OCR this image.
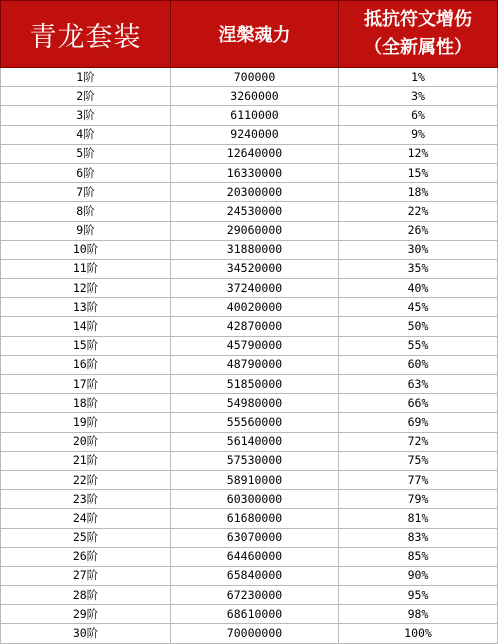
青龙套装	涅槃魂力	抵抗符文增伤
（全新属性）

1阶	700000	1%
2阶	3260000	3%
3阶	6110000	6%
4阶	9240000	9%
5阶	12640000	12%
6阶	16330000	15%
7阶	20300000	18%
8阶	24530000	22%
9阶	29060000	26%
10阶	31880000	30%
11阶	34520000	35%
12阶	37240000	40%
13阶	40020000	45%
14阶	42870000	50%
15阶	45790000	55%
16阶	48790000	60%
17阶	51850000	63%
18阶	54980000	66%
19阶	55560000	69%
20阶	56140000	72%
21阶	57530000	75%
22阶	58910000	77%
23阶	60300000	79%
24阶	61680000	81%
25阶	63070000	83%
26阶	64460000	85%
27阶	65840000	90%
28阶	67230000	95%
29阶	68610000	98%
30阶	70000000	100%
